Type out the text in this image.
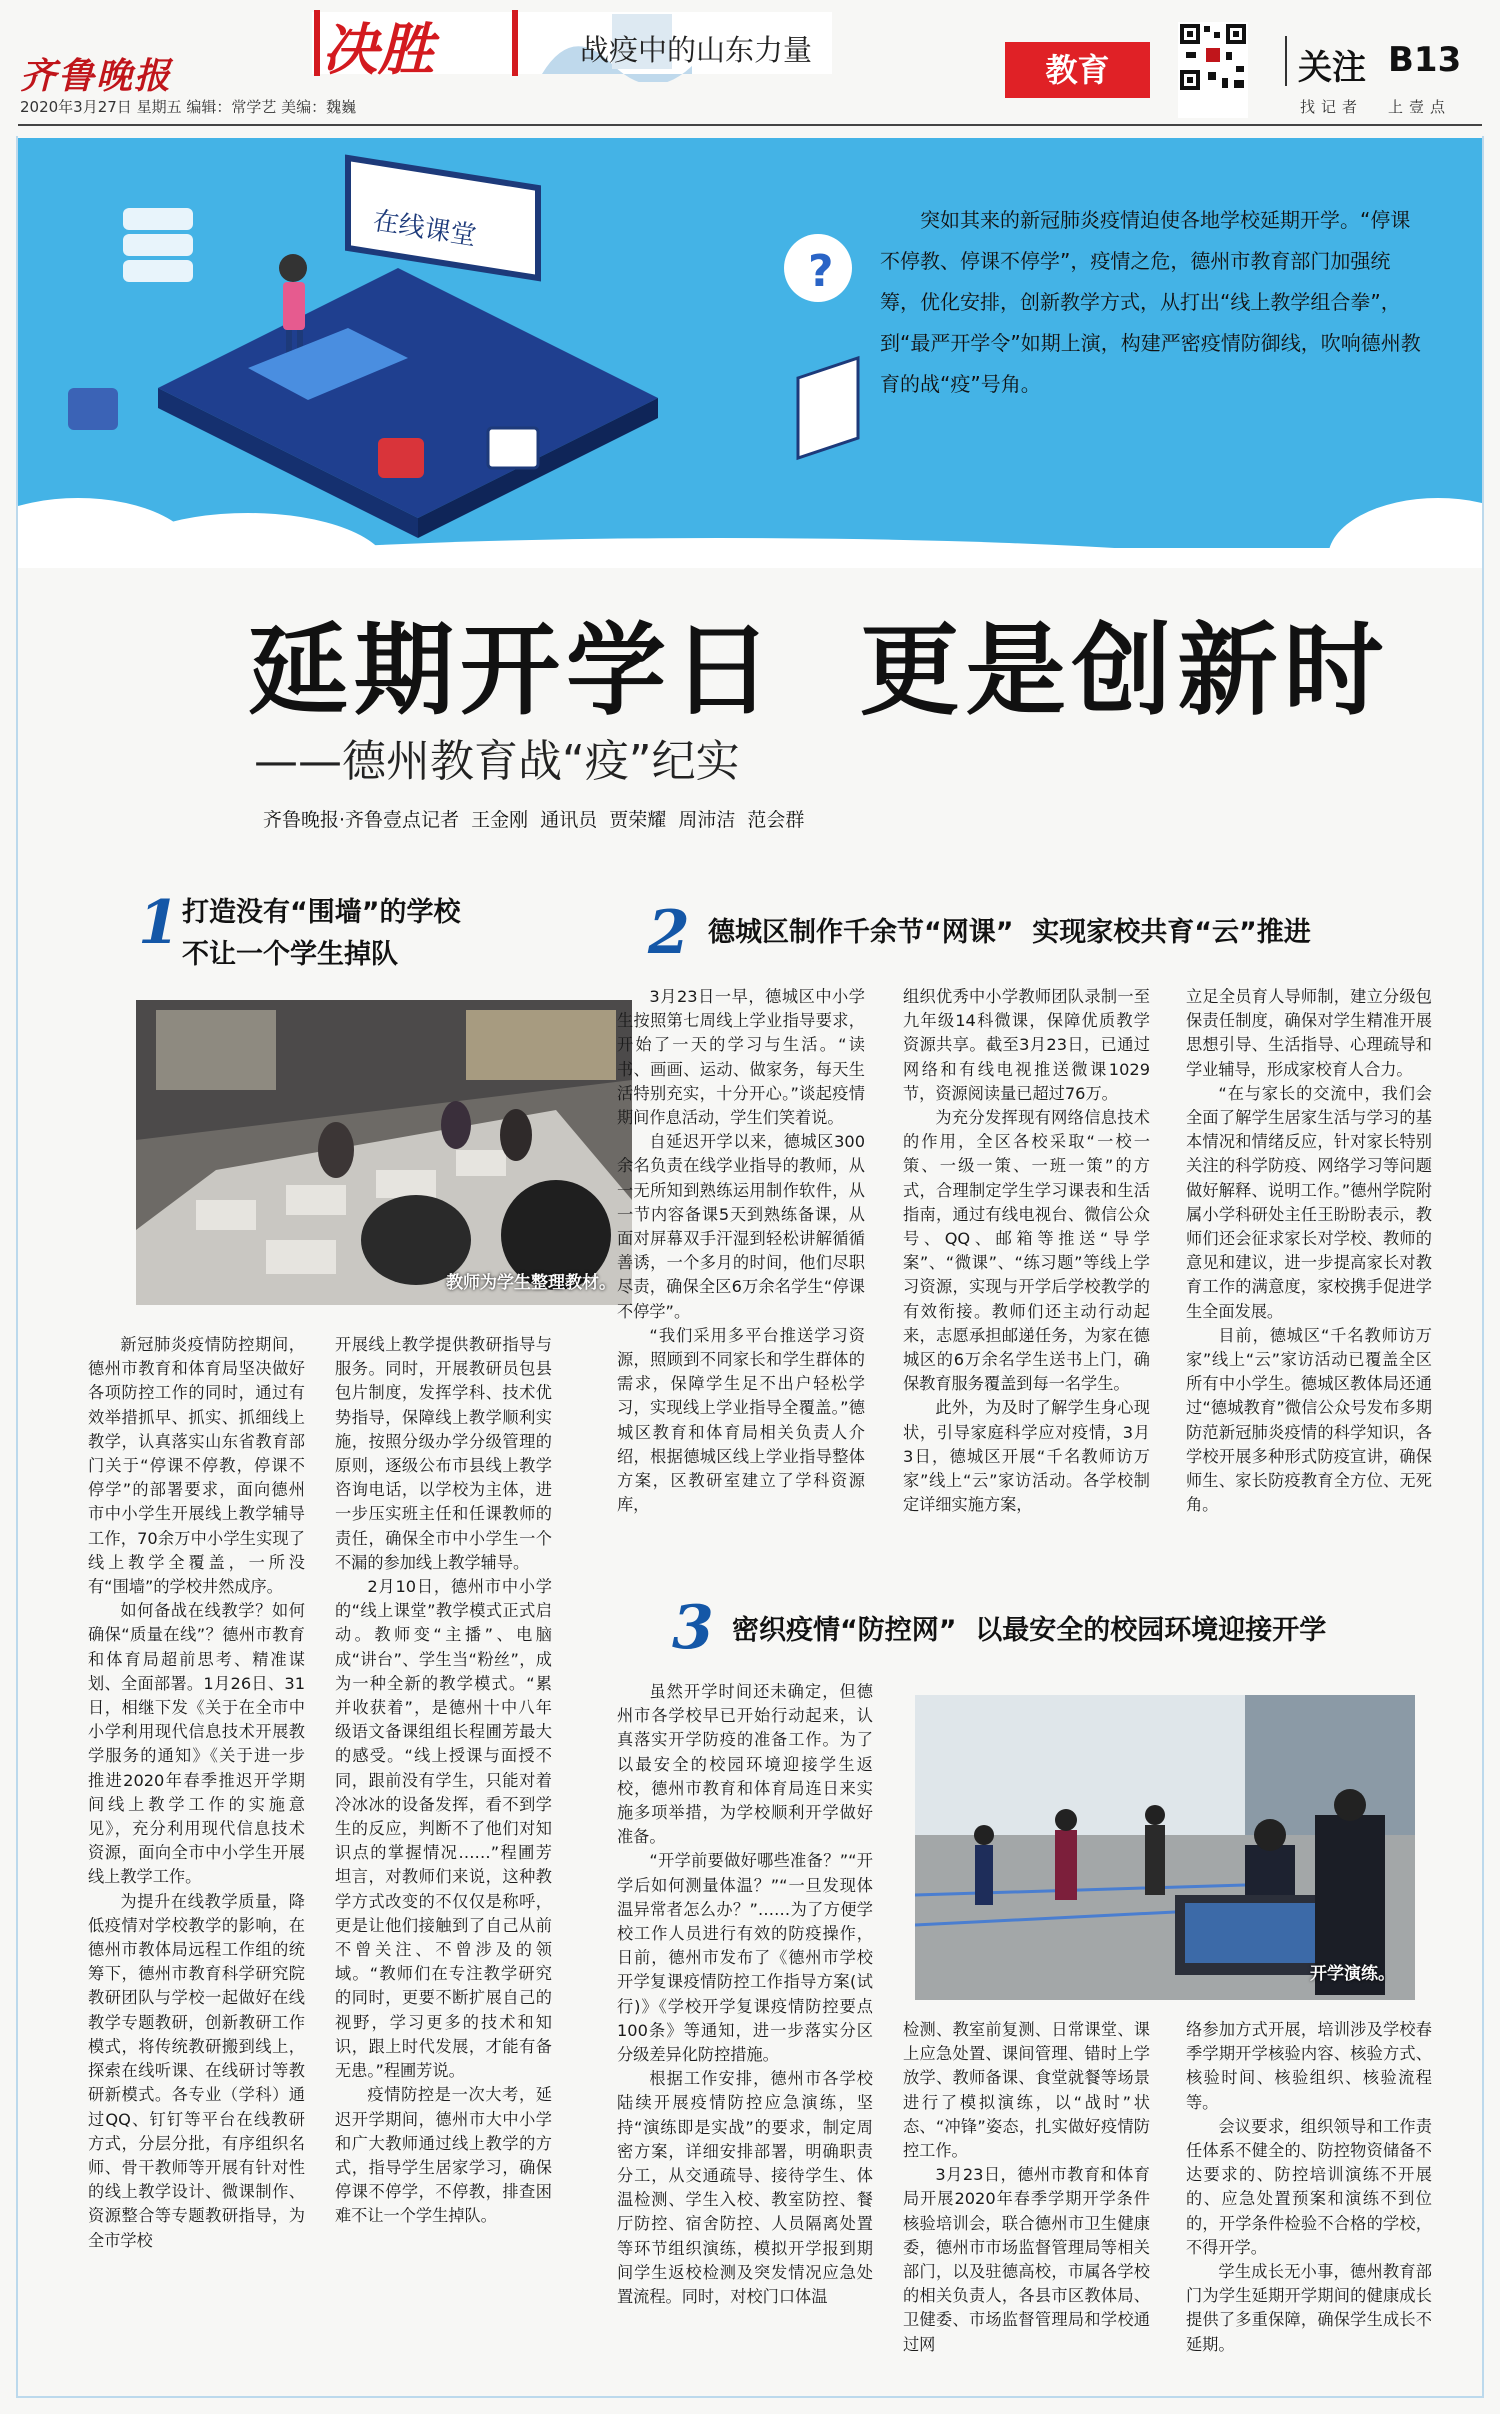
齐鲁晚报	决胜	战疫中的山东力量
教育	关注 B13
找记者 上壹点
2020年3月27日 星期五 编辑：常学艺 美编：魏巍
?
在线课堂	突如其来的新冠肺炎疫情迫使各地学校延期开学。“停课不停教、停课不停学”，疫情之危，德州市教育部门加强统筹，优化安排，创新教学方式，从打出“线上教学组合拳”，到“最严开学令”如期上演，构建严密疫情防御线，吹响德州教育的战“疫”号角。
延期开学日  更是创新时
——德州教育战“疫”纪实
齐鲁晚报·齐鲁壹点记者  王金刚  通讯员  贾荣耀  周沛洁  范会群
1 打造没有“围墙”的学校
不让一个学生掉队
教师为学生整理教材。

新冠肺炎疫情防控期间，德州市教育和体育局坚决做好各项防控工作的同时，通过有效举措抓早、抓实、抓细线上教学，认真落实山东省教育部门关于“停课不停教，停课不停学”的部署要求，面向德州市中小学生开展线上教学辅导工作，70余万中小学生实现了线上教学全覆盖，一所没有“围墙”的学校井然成序。

如何备战在线教学？如何确保“质量在线”？德州市教育和体育局超前思考、精准谋划、全面部署。1月26日、31日，相继下发《关于在全市中小学利用现代信息技术开展教学服务的通知》《关于进一步推进2020年春季推迟开学期间线上教学工作的实施意见》，充分利用现代信息技术资源，面向全市中小学生开展线上教学工作。

为提升在线教学质量，降低疫情对学校教学的影响，在德州市教体局远程工作组的统筹下，德州市教育科学研究院教研团队与学校一起做好在线教学专题教研，创新教研工作模式，将传统教研搬到线上，探索在线听课、在线研讨等教研新模式。各专业（学科）通过QQ、钉钉等平台在线教研方式，分层分批，有序组织名师、骨干教师等开展有针对性的线上教学设计、微课制作、资源整合等专题教研指导，为全市学校

开展线上教学提供教研指导与服务。同时，开展教研员包县包片制度，发挥学科、技术优势指导，保障线上教学顺利实施，按照分级办学分级管理的原则，逐级公布市县线上教学咨询电话，以学校为主体，进一步压实班主任和任课教师的责任，确保全市中小学生一个不漏的参加线上教学辅导。

2月10日，德州市中小学的“线上课堂”教学模式正式启动。教师变“主播”、电脑成“讲台”、学生当“粉丝”，成为一种全新的教学模式。“累并收获着”，是德州十中八年级语文备课组组长程圃芳最大的感受。“线上授课与面授不同，跟前没有学生，只能对着冷冰冰的设备发挥，看不到学生的反应，判断不了他们对知识点的掌握情况……”程圃芳坦言，对教师们来说，这种教学方式改变的不仅仅是称呼，更是让他们接触到了自己从前不曾关注、不曾涉及的领域。“教师们在专注教学研究的同时，更要不断扩展自己的视野，学习更多的技术和知识，跟上时代发展，才能有备无患。”程圃芳说。

疫情防控是一次大考，延迟开学期间，德州市大中小学和广大教师通过线上教学的方式，指导学生居家学习，确保停课不停学，不停教，排查困难不让一个学生掉队。

2 德城区制作千余节“网课”  实现家校共育“云”推进

3月23日一早，德城区中小学生按照第七周线上学业指导要求，开始了一天的学习与生活。“读书、画画、运动、做家务，每天生活特别充实，十分开心。”谈起疫情期间作息活动，学生们笑着说。

自延迟开学以来，德城区300余名负责在线学业指导的教师，从一无所知到熟练运用制作软件，从一节内容备课5天到熟练备课，从面对屏幕双手汗湿到轻松讲解循循善诱，一个多月的时间，他们尽职尽责，确保全区6万余名学生“停课不停学”。

“我们采用多平台推送学习资源，照顾到不同家长和学生群体的需求，保障学生足不出户轻松学习，实现线上学业指导全覆盖。”德城区教育和体育局相关负责人介绍，根据德城区线上学业指导整体方案，区教研室建立了学科资源库，

组织优秀中小学教师团队录制一至九年级14科微课，保障优质教学资源共享。截至3月23日，已通过网络和有线电视推送微课1029节，资源阅读量已超过76万。

为充分发挥现有网络信息技术的作用，全区各校采取“一校一策、一级一策、一班一策”的方式，合理制定学生学习课表和生活指南，通过有线电视台、微信公众号、QQ、邮箱等推送“导学案”、“微课”、“练习题”等线上学习资源，实现与开学后学校教学的有效衔接。教师们还主动行动起来，志愿承担邮递任务，为家在德城区的6万余名学生送书上门，确保教育服务覆盖到每一名学生。

此外，为及时了解学生身心现状，引导家庭科学应对疫情，3月3日，德城区开展“千名教师访万家”线上“云”家访活动。各学校制定详细实施方案，

立足全员育人导师制，建立分级包保责任制度，确保对学生精准开展思想引导、生活指导、心理疏导和学业辅导，形成家校育人合力。

“在与家长的交流中，我们会全面了解学生居家生活与学习的基本情况和情绪反应，针对家长特别关注的科学防疫、网络学习等问题做好解释、说明工作。”德州学院附属小学科研处主任王盼盼表示，教师们还会征求家长对学校、教师的意见和建议，进一步提高家长对教育工作的满意度，家校携手促进学生全面发展。

目前，德城区“千名教师访万家”线上“云”家访活动已覆盖全区所有中小学生。德城区教体局还通过“德城教育”微信公众号发布多期防范新冠肺炎疫情的科学知识，各学校开展多种形式防疫宣讲，确保师生、家长防疫教育全方位、无死角。

3 密织疫情“防控网”  以最安全的校园环境迎接开学

虽然开学时间还未确定，但德州市各学校早已开始行动起来，认真落实开学防疫的准备工作。为了以最安全的校园环境迎接学生返校，德州市教育和体育局连日来实施多项举措，为学校顺利开学做好准备。

“开学前要做好哪些准备？”“开学后如何测量体温？”“一旦发现体温异常者怎么办？”……为了方便学校工作人员进行有效的防疫操作，日前，德州市发布了《德州市学校开学复课疫情防控工作指导方案(试行)》《学校开学复课疫情防控要点100条》等通知，进一步落实分区分级差异化防控措施。

根据工作安排，德州市各学校陆续开展疫情防控应急演练，坚持“演练即是实战”的要求，制定周密方案，详细安排部署，明确职责分工，从交通疏导、接待学生、体温检测、学生入校、教室防控、餐厅防控、宿舍防控、人员隔离处置等环节组织演练，模拟开学报到期间学生返校检测及突发情况应急处置流程。同时，对校门口体温

开学演练。

检测、教室前复测、日常课堂、课上应急处置、课间管理、错时上学放学、教师备课、食堂就餐等场景进行了模拟演练，以“战时”状态、“冲锋”姿态，扎实做好疫情防控工作。

3月23日，德州市教育和体育局开展2020年春季学期开学条件核验培训会，联合德州市卫生健康委，德州市市场监督管理局等相关部门，以及驻德高校，市属各学校的相关负责人，各县市区教体局、卫健委、市场监督管理局和学校通过网

络参加方式开展，培训涉及学校春季学期开学核验内容、核验方式、核验时间、核验组织、核验流程等。

会议要求，组织领导和工作责任体系不健全的、防控物资储备不达要求的、防控培训演练不开展的、应急处置预案和演练不到位的，开学条件检验不合格的学校，不得开学。

学生成长无小事，德州教育部门为学生延期开学期间的健康成长提供了多重保障，确保学生成长不延期。
